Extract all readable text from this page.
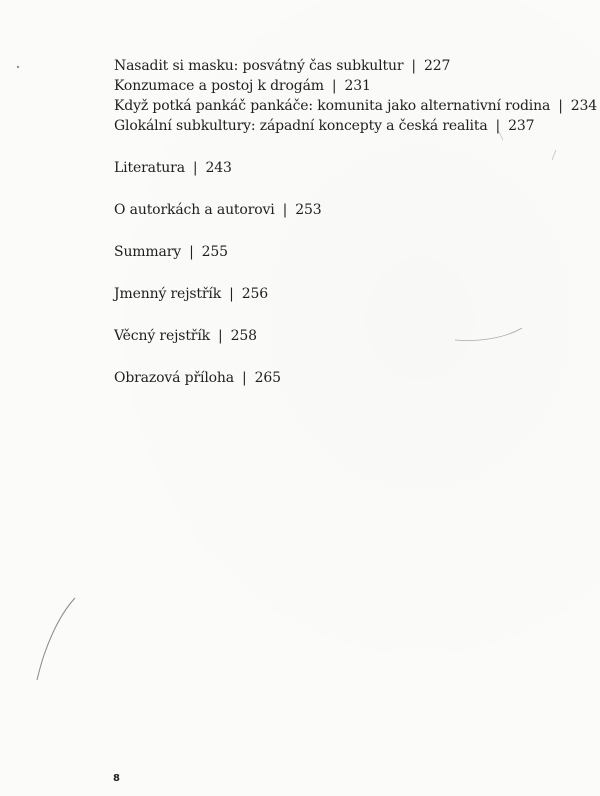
Nasadit si masku: posvátný čas subkultur | 227
Konzumace a postoj k drogám | 231
Když potká pankáč pankáče: komunita jako alternativní rodina | 234
Glokální subkultury: západní koncepty a česká realita | 237
Literatura | 243
O autorkách a autorovi | 253
Summary | 255
Jmenný rejstřík | 256
Věcný rejstřík | 258
Obrazová příloha | 265
8
